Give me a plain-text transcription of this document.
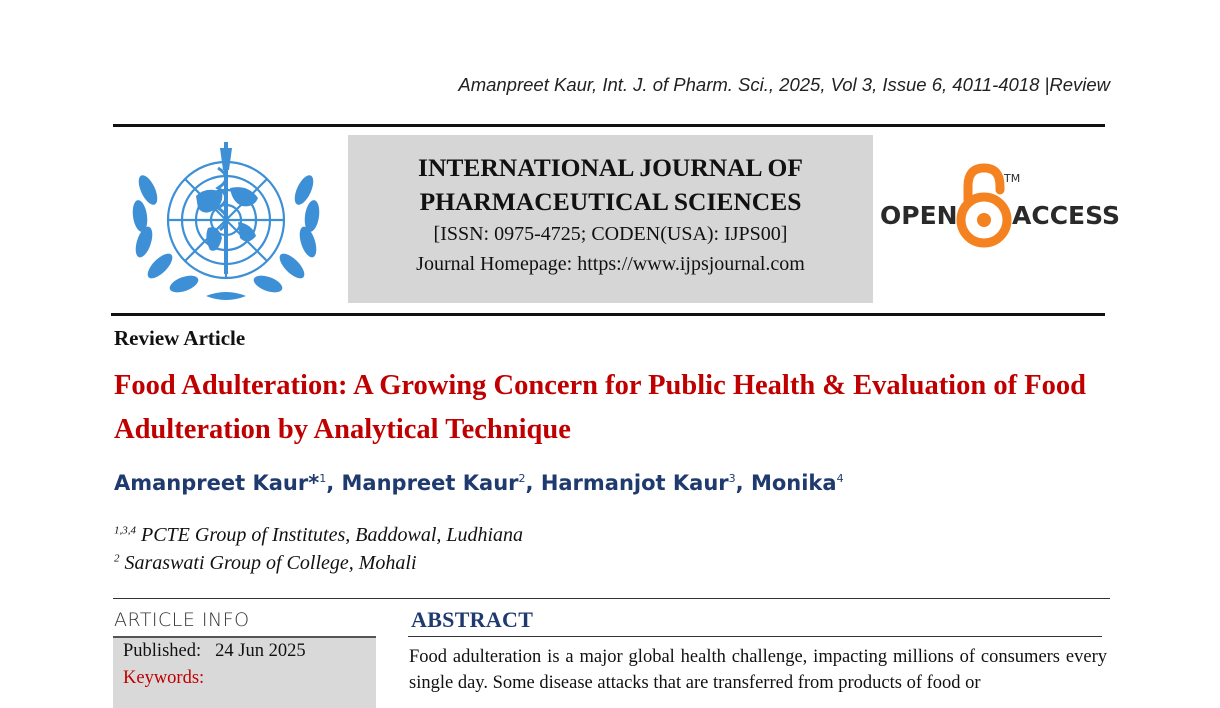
Amanpreet Kaur, Int. J. of Pharm. Sci., 2025, Vol 3, Issue 6, 4011-4018 |Review
INTERNATIONAL JOURNAL OF
PHARMACEUTICAL SCIENCES
[ISSN: 0975-4725; CODEN(USA): IJPS00]
Journal Homepage: https://www.ijpsjournal.com
OPEN ACCESS
TM
Review Article
Food Adulteration: A Growing Concern for Public Health & Evaluation of Food Adulteration by Analytical Technique
Amanpreet Kaur*$^1$, Manpreet Kaur$^2$, Harmanjot Kaur$^3$, Monika$^4$
$^{1,3,4}$ PCTE Group of Institutes, Baddowal, Ludhiana
$^2$ Saraswati Group of College, Mohali
ARTICLE INFO
Published: 24 Jun 2025
Keywords:
ABSTRACT
Food adulteration is a major global health challenge, impacting millions of consumers every single day. Some disease attacks that are transferred from products of food or
